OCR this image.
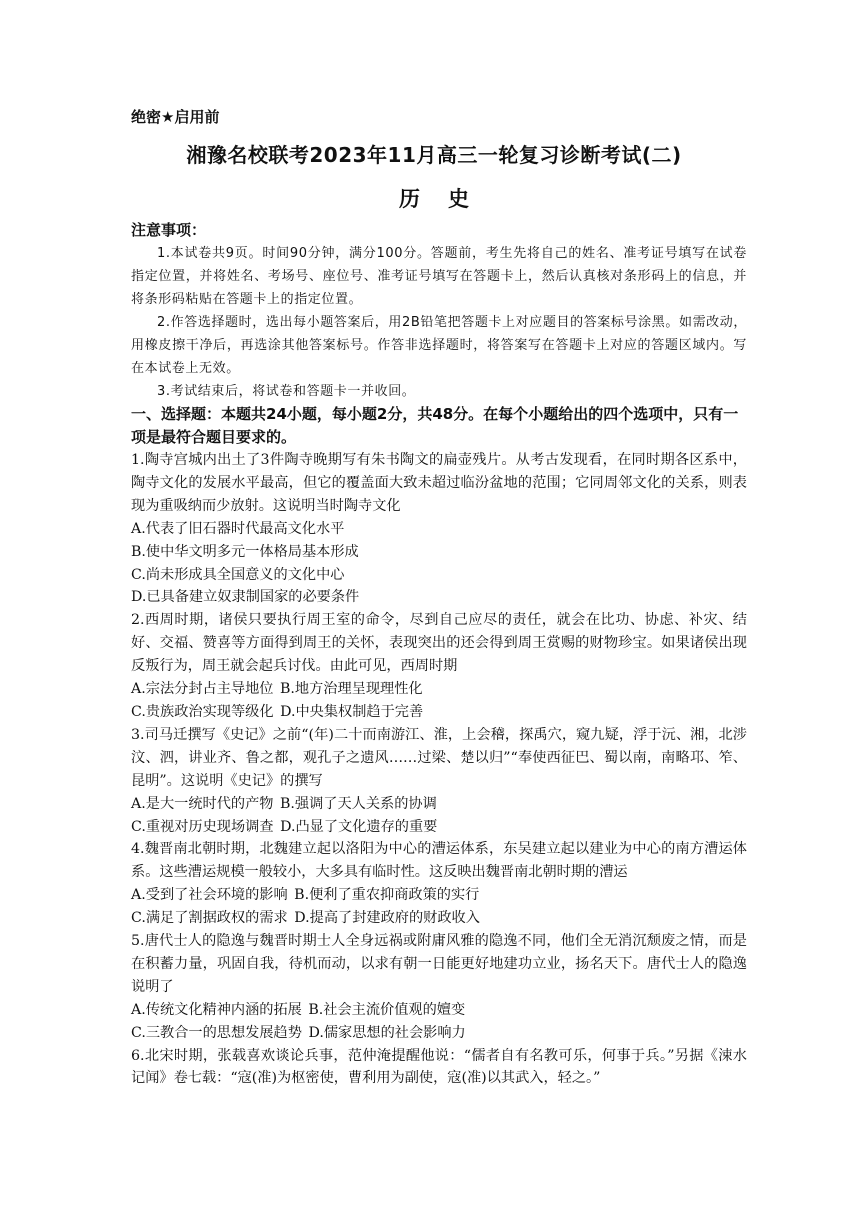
绝密★启用前
湘豫名校联考2023年11月高三一轮复习诊断考试(二)
历史
注意事项：
1.本试卷共9页。时间90分钟，满分100分。答题前，考生先将自己的姓名、准考证号填写在试卷指定位置，并将姓名、考场号、座位号、准考证号填写在答题卡上，然后认真核对条形码上的信息，并将条形码粘贴在答题卡上的指定位置。
2.作答选择题时，选出每小题答案后，用2B铅笔把答题卡上对应题目的答案标号涂黑。如需改动，用橡皮擦干净后，再选涂其他答案标号。作答非选择题时，将答案写在答题卡上对应的答题区域内。写在本试卷上无效。
3.考试结束后，将试卷和答题卡一并收回。
一、选择题：本题共24小题，每小题2分，共48分。在每个小题给出的四个选项中，只有一项是最符合题目要求的。
1.陶寺宫城内出土了3件陶寺晚期写有朱书陶文的扁壶残片。从考古发现看，在同时期各区系中，陶寺文化的发展水平最高，但它的覆盖面大致未超过临汾盆地的范围；它同周邻文化的关系，则表现为重吸纳而少放射。这说明当时陶寺文化
A.代表了旧石器时代最高文化水平
B.使中华文明多元一体格局基本形成
C.尚未形成具全国意义的文化中心
D.已具备建立奴隶制国家的必要条件
2.西周时期，诸侯只要执行周王室的命令，尽到自己应尽的责任，就会在比功、协虑、补灾、结好、交福、赞喜等方面得到周王的关怀，表现突出的还会得到周王赏赐的财物珍宝。如果诸侯出现反叛行为，周王就会起兵讨伐。由此可见，西周时期
A.宗法分封占主导地位 B.地方治理呈现理性化
C.贵族政治实现等级化 D.中央集权制趋于完善
3.司马迁撰写《史记》之前“(年)二十而南游江、淮，上会稽，探禹穴，窥九疑，浮于沅、湘，北涉汶、泗，讲业齐、鲁之都，观孔子之遗风……过梁、楚以归”“奉使西征巴、蜀以南，南略邛、笮、昆明”。这说明《史记》的撰写
A.是大一统时代的产物 B.强调了天人关系的协调
C.重视对历史现场调查 D.凸显了文化遗存的重要
4.魏晋南北朝时期，北魏建立起以洛阳为中心的漕运体系，东吴建立起以建业为中心的南方漕运体系。这些漕运规模一般较小，大多具有临时性。这反映出魏晋南北朝时期的漕运
A.受到了社会环境的影响 B.便利了重农抑商政策的实行
C.满足了割据政权的需求 D.提高了封建政府的财政收入
5.唐代士人的隐逸与魏晋时期士人全身远祸或附庸风雅的隐逸不同，他们全无消沉颓废之情，而是在积蓄力量，巩固自我，待机而动，以求有朝一日能更好地建功立业，扬名天下。唐代士人的隐逸说明了
A.传统文化精神内涵的拓展 B.社会主流价值观的嬗变
C.三教合一的思想发展趋势 D.儒家思想的社会影响力
6.北宋时期，张载喜欢谈论兵事，范仲淹提醒他说：“儒者自有名教可乐，何事于兵。”另据《涑水记闻》卷七载：“寇(准)为枢密使，曹利用为副使，寇(准)以其武入，轻之。”
